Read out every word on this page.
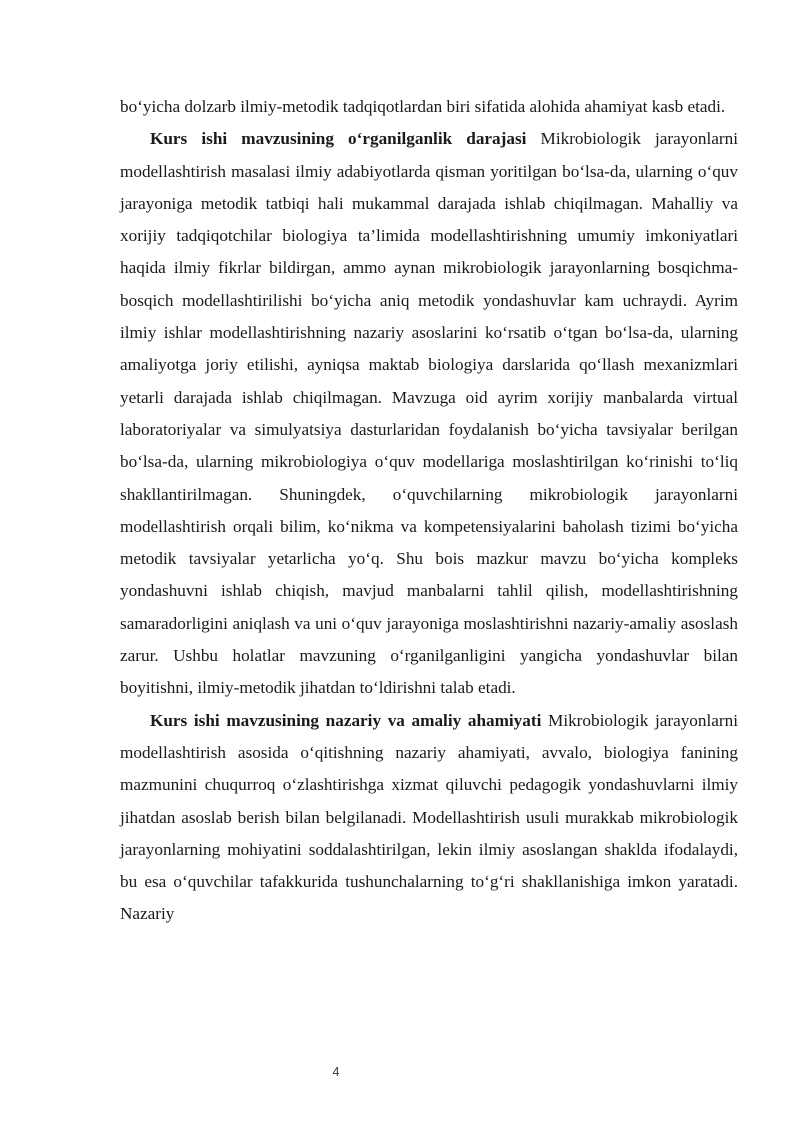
bo‘yicha dolzarb ilmiy-metodik tadqiqotlardan biri sifatida alohida ahamiyat kasb etadi.

Kurs ishi mavzusining o‘rganilganlik darajasi Mikrobiologik jarayonlarni modellashtirish masalasi ilmiy adabiyotlarda qisman yoritilgan bo‘lsa-da, ularning o‘quv jarayoniga metodik tatbiqi hali mukammal darajada ishlab chiqilmagan. Mahalliy va xorijiy tadqiqotchilar biologiya ta’limida modellashtirishning umumiy imkoniyatlari haqida ilmiy fikrlar bildirgan, ammo aynan mikrobiologik jarayonlarning bosqichma-bosqich modellashtirilishi bo‘yicha aniq metodik yondashuvlar kam uchraydi. Ayrim ilmiy ishlar modellashtirishning nazariy asoslarini ko‘rsatib o‘tgan bo‘lsa-da, ularning amaliyotga joriy etilishi, ayniqsa maktab biologiya darslarida qo‘llash mexanizmlari yetarli darajada ishlab chiqilmagan. Mavzuga oid ayrim xorijiy manbalarda virtual laboratoriyalar va simulyatsiya dasturlaridan foydalanish bo‘yicha tavsiyalar berilgan bo‘lsa-da, ularning mikrobiologiya o‘quv modellariga moslashtirilgan ko‘rinishi to‘liq shakllantirilmagan. Shuningdek, o‘quvchilarning mikrobiologik jarayonlarni modellashtirish orqali bilim, ko‘nikma va kompetensiyalarini baholash tizimi bo‘yicha metodik tavsiyalar yetarlicha yo‘q. Shu bois mazkur mavzu bo‘yicha kompleks yondashuvni ishlab chiqish, mavjud manbalarni tahlil qilish, modellashtirishning samaradorligini aniqlash va uni o‘quv jarayoniga moslashtirishni nazariy-amaliy asoslash zarur. Ushbu holatlar mavzuning o‘rganilganligini yangicha yondashuvlar bilan boyitishni, ilmiy-metodik jihatdan to‘ldirishni talab etadi.

Kurs ishi mavzusining nazariy va amaliy ahamiyati Mikrobiologik jarayonlarni modellashtirish asosida o‘qitishning nazariy ahamiyati, avvalo, biologiya fanining mazmunini chuqurroq o‘zlashtirishga xizmat qiluvchi pedagogik yondashuvlarni ilmiy jihatdan asoslab berish bilan belgilanadi. Modellashtirish usuli murakkab mikrobiologik jarayonlarning mohiyatini soddalashtirilgan, lekin ilmiy asoslangan shaklda ifodalaydi, bu esa o‘quvchilar tafakkurida tushunchalarning to‘g‘ri shakllanishiga imkon yaratadi. Nazariy

4
